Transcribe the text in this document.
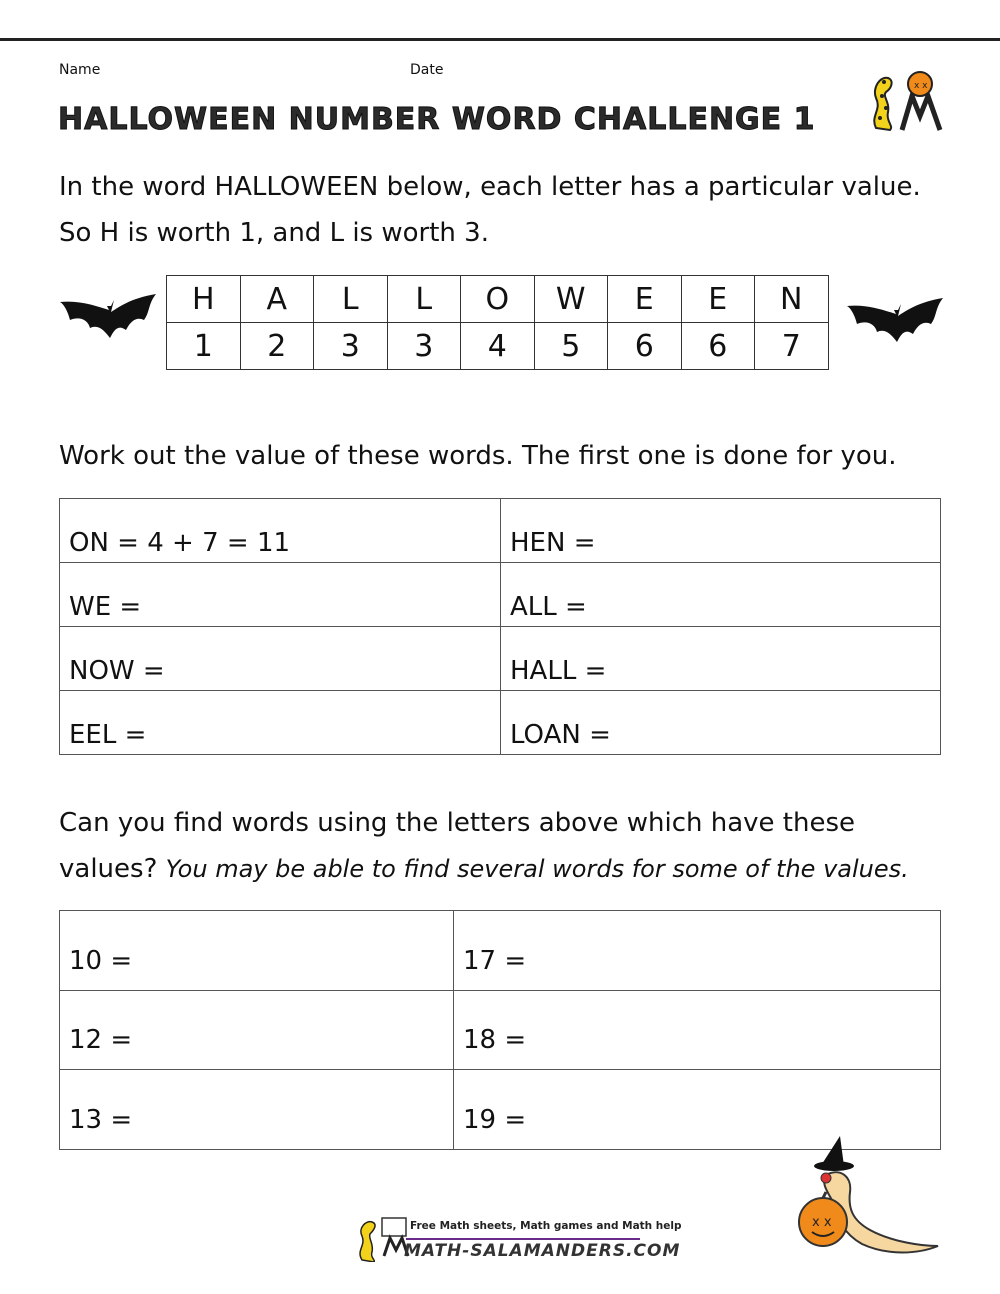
Name	Date
HALLOWEEN NUMBER WORD CHALLENGE 1
x x
In the word HALLOWEEN below, each letter has a particular value.
So H is worth 1, and L is worth 3.
H	A	L	L	O	W	E	E	N
1	2	3	3	4	5	6	6	7
Work out the value of these words. The first one is done for you.
ON = 4 + 7 = 11	HEN =
WE =	ALL =
NOW =	HALL =
EEL =	LOAN =
Can you find words using the letters above which have these
values? You may be able to find several words for some of the values.
10 =	17 =
12 =	18 =
13 =	19 =
x x
Free Math sheets, Math games and Math help
MATH-SALAMANDERS.COM
